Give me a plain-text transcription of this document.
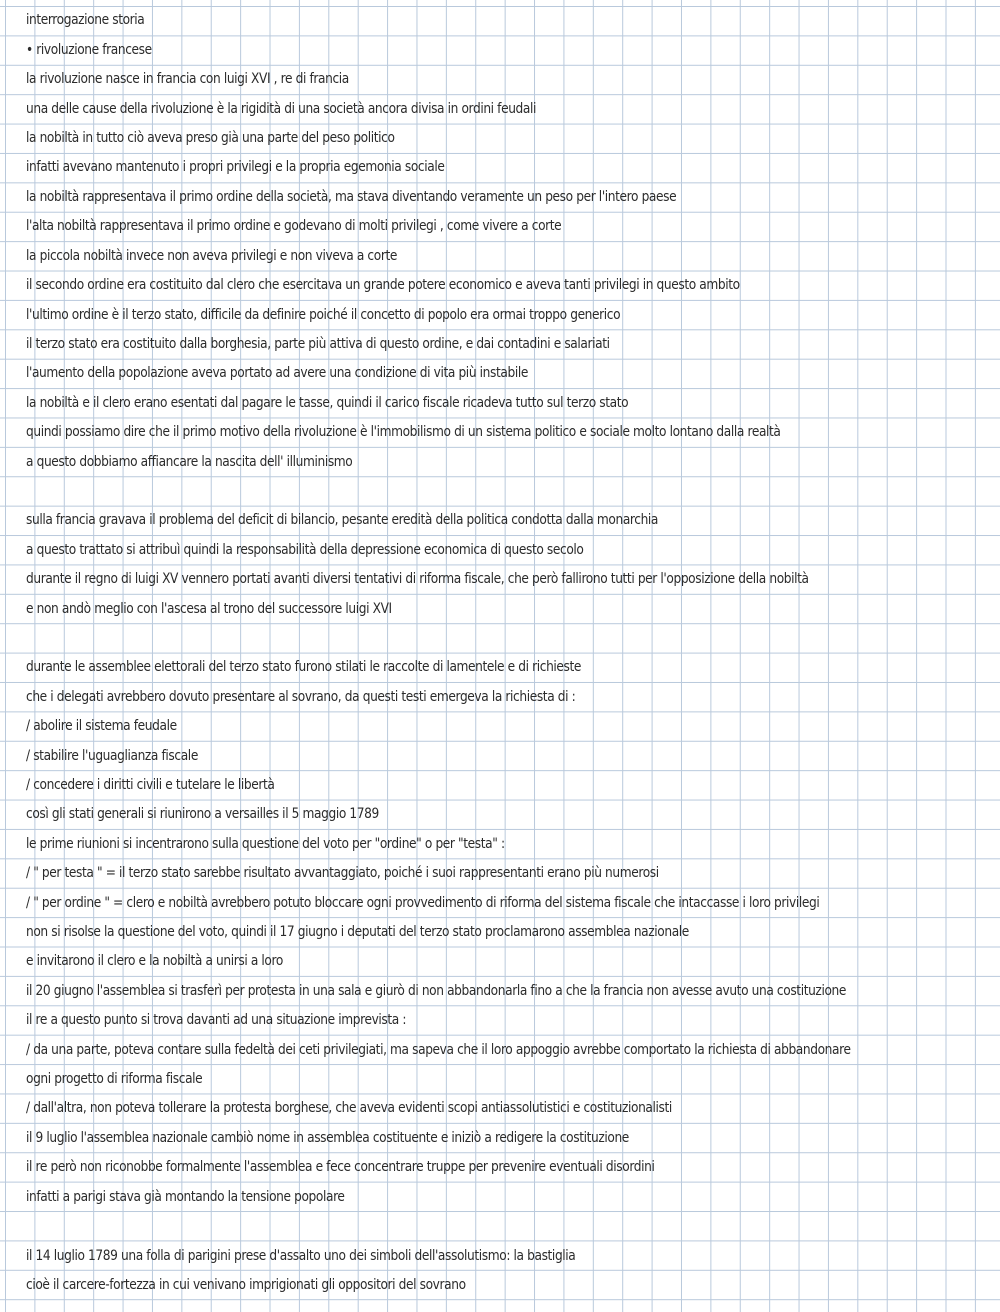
interrogazione storia
• rivoluzione francese
la rivoluzione nasce in francia con luigi XVI , re di francia
una delle cause della rivoluzione è la rigidità di una società ancora divisa in ordini feudali
la nobiltà in tutto ciò aveva preso già una parte del peso politico
infatti avevano mantenuto i propri privilegi e la propria egemonia sociale
la nobiltà rappresentava il primo ordine della società, ma stava diventando veramente un peso per l'intero paese
l'alta nobiltà rappresentava il primo ordine e godevano di molti privilegi , come vivere a corte
la piccola nobiltà invece non aveva privilegi e non viveva a corte
il secondo ordine era costituito dal clero che esercitava un grande potere economico e aveva tanti privilegi in questo ambito
l'ultimo ordine è il terzo stato, difficile da definire poiché il concetto di popolo era ormai troppo generico
il terzo stato era costituito dalla borghesia, parte più attiva di questo ordine, e dai contadini e salariati
l'aumento della popolazione aveva portato ad avere una condizione di vita più instabile
la nobiltà e il clero erano esentati dal pagare le tasse, quindi il carico fiscale ricadeva tutto sul terzo stato
quindi possiamo dire che il primo motivo della rivoluzione è l'immobilismo di un sistema politico e sociale molto lontano dalla realtà
a questo dobbiamo affiancare la nascita dell' illuminismo
sulla francia gravava il problema del deficit di bilancio, pesante eredità della politica condotta dalla monarchia
a questo trattato si attribuì quindi la responsabilità della depressione economica di questo secolo
durante il regno di luigi XV vennero portati avanti diversi tentativi di riforma fiscale, che però fallirono tutti per l'opposizione della nobiltà
e non andò meglio con l'ascesa al trono del successore luigi XVI
durante le assemblee elettorali del terzo stato furono stilati le raccolte di lamentele e di richieste
che i delegati avrebbero dovuto presentare al sovrano, da questi testi emergeva la richiesta di :
/ abolire il sistema feudale
/ stabilire l'uguaglianza fiscale
/ concedere i diritti civili e tutelare le libertà
così gli stati generali si riunirono a versailles il 5 maggio 1789
le prime riunioni si incentrarono sulla questione del voto per "ordine" o per "testa" :
/ " per testa " = il terzo stato sarebbe risultato avvantaggiato, poiché i suoi rappresentanti erano più numerosi
/ " per ordine " = clero e nobiltà avrebbero potuto bloccare ogni provvedimento di riforma del sistema fiscale che intaccasse i loro privilegi
non si risolse la questione del voto, quindi il 17 giugno i deputati del terzo stato proclamarono assemblea nazionale
e invitarono il clero e la nobiltà a unirsi a loro
il 20 giugno l'assemblea si trasferì per protesta in una sala e giurò di non abbandonarla fino a che la francia non avesse avuto una costituzione
il re a questo punto si trova davanti ad una situazione imprevista :
/ da una parte, poteva contare sulla fedeltà dei ceti privilegiati, ma sapeva che il loro appoggio avrebbe comportato la richiesta di abbandonare
ogni progetto di riforma fiscale
/ dall'altra, non poteva tollerare la protesta borghese, che aveva evidenti scopi antiassolutistici e costituzionalisti
il 9 luglio l'assemblea nazionale cambiò nome in assemblea costituente e iniziò a redigere la costituzione
il re però non riconobbe formalmente l'assemblea e fece concentrare truppe per prevenire eventuali disordini
infatti a parigi stava già montando la tensione popolare
il 14 luglio 1789 una folla di parigini prese d'assalto uno dei simboli dell'assolutismo: la bastiglia
cioè il carcere-fortezza in cui venivano imprigionati gli oppositori del sovrano
